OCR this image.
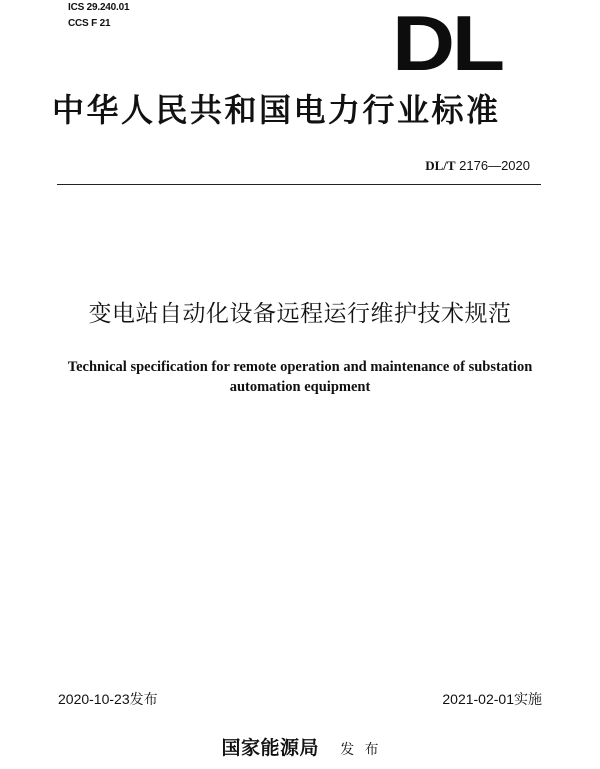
ICS 29.240.01
CCS F 21	DL
中华人民共和国电力行业标准
DL/T 2176—2020
变电站自动化设备远程运行维护技术规范
Technical specification for remote operation and maintenance of substation
automation equipment
2020-10-23发布	2021-02-01实施
国家能源局 发 布
